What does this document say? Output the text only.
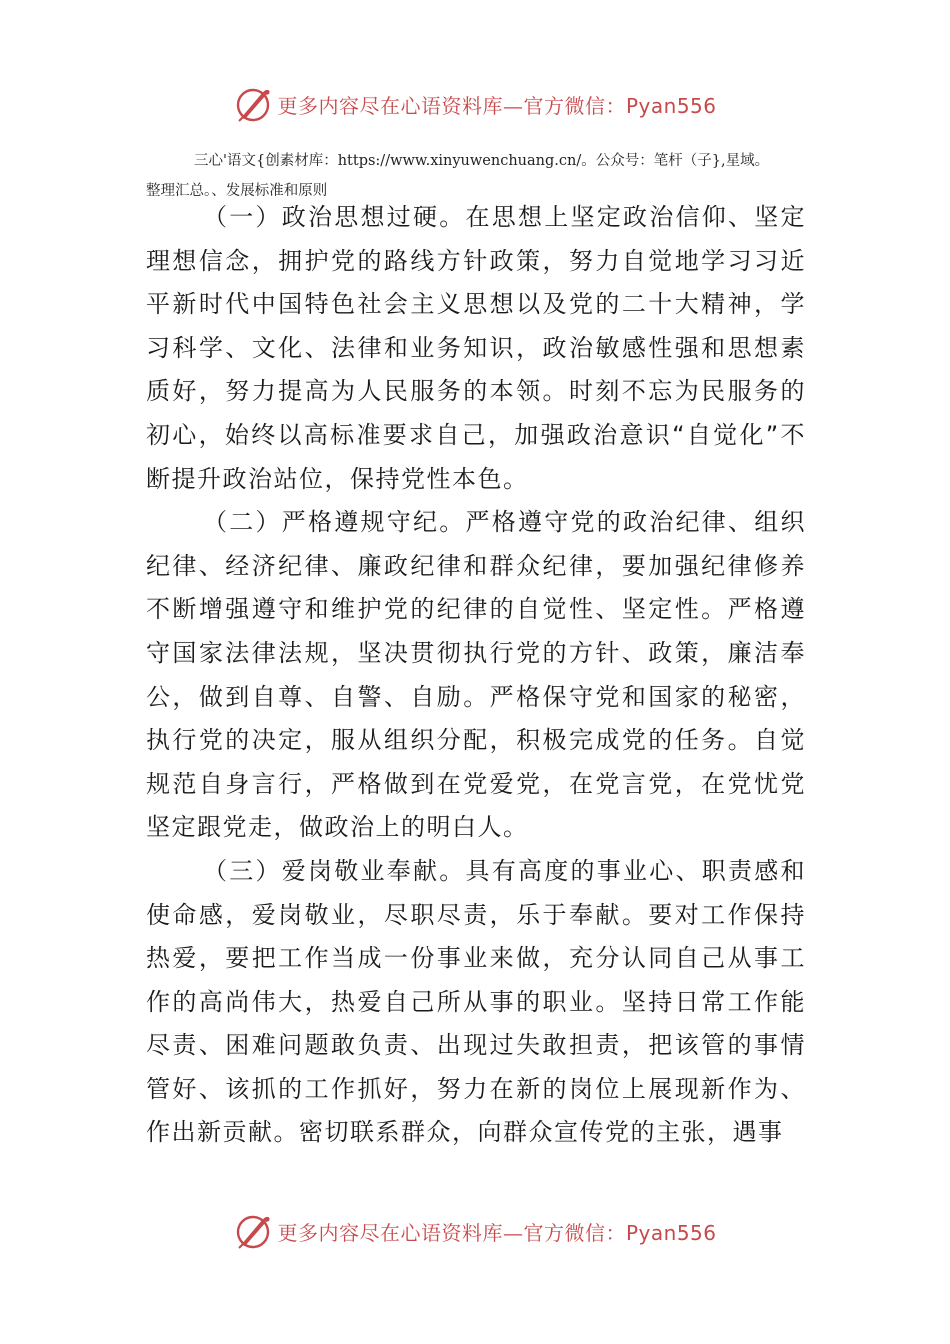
更多内容尽在心语资料库—官方微信：Pyan556
三心'语文{创素材库：https://www.xinyuwenchuang.cn/。公众号：笔杆（子},星域。
整理汇总。、发展标准和原则

（一）政治思想过硬。在思想上坚定政治信仰、坚定理想信念，拥护党的路线方针政策，努力自觉地学习习近平新时代中国特色社会主义思想以及党的二十大精神，学习科学、文化、法律和业务知识，政治敏感性强和思想素质好，努力提高为人民服务的本领。时刻不忘为民服务的初心，始终以高标准要求自己，加强政治意识“自觉化”不断提升政治站位，保持党性本色。

（二）严格遵规守纪。严格遵守党的政治纪律、组织纪律、经济纪律、廉政纪律和群众纪律，要加强纪律修养不断增强遵守和维护党的纪律的自觉性、坚定性。严格遵守国家法律法规，坚决贯彻执行党的方针、政策，廉洁奉公，做到自尊、自警、自励。严格保守党和国家的秘密，执行党的决定，服从组织分配，积极完成党的任务。自觉规范自身言行，严格做到在党爱党，在党言党，在党忧党坚定跟党走，做政治上的明白人。

（三）爱岗敬业奉献。具有高度的事业心、职责感和使命感，爱岗敬业，尽职尽责，乐于奉献。要对工作保持热爱，要把工作当成一份事业来做，充分认同自己从事工作的高尚伟大，热爱自己所从事的职业。坚持日常工作能尽责、困难问题敢负责、出现过失敢担责，把该管的事情管好、该抓的工作抓好，努力在新的岗位上展现新作为、作出新贡献。密切联系群众，向群众宣传党的主张，遇事

更多内容尽在心语资料库—官方微信：Pyan556
